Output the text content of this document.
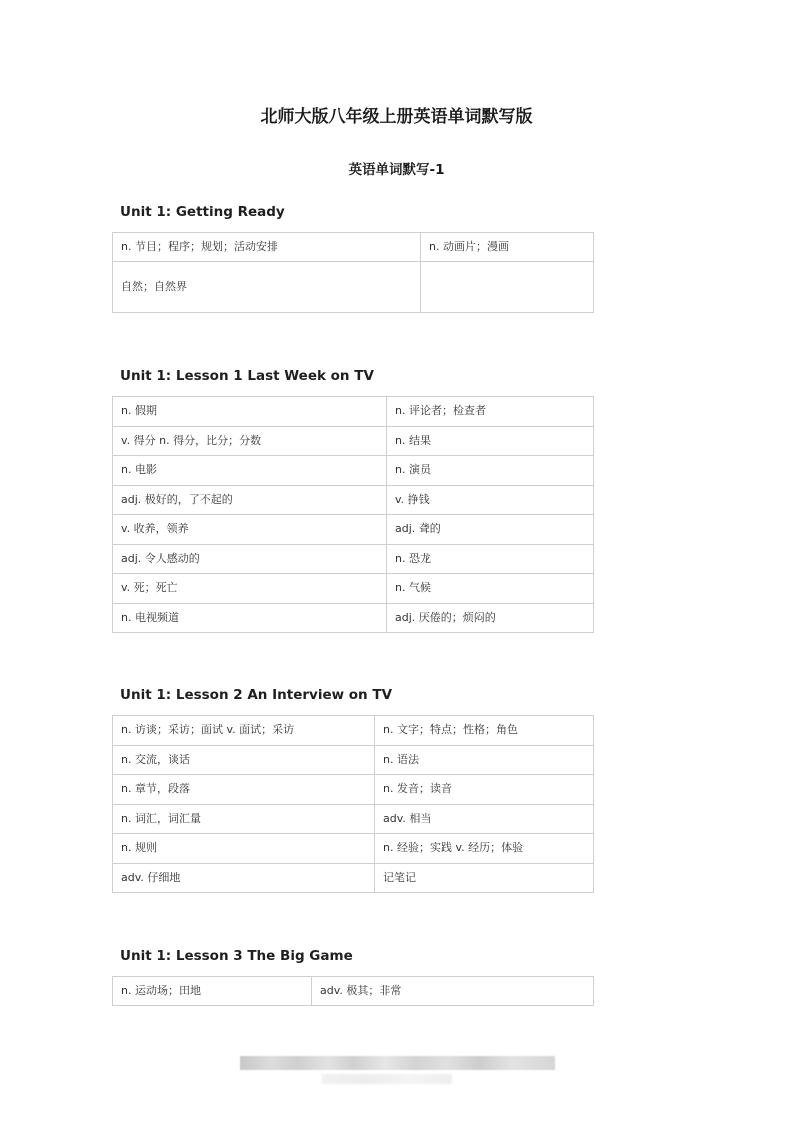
北师大版八年级上册英语单词默写版
英语单词默写-1
Unit 1: Getting Ready
n. 节目；程序；规划；活动安排	n. 动画片；漫画
自然；自然界	
Unit 1: Lesson 1 Last Week on TV
n. 假期	n. 评论者；检查者
v. 得分 n. 得分，比分；分数	n. 结果
n. 电影	n. 演员
adj. 极好的，了不起的	v. 挣钱
v. 收养，领养	adj. 聋的
adj. 令人感动的	n. 恐龙
v. 死；死亡	n. 气候
n. 电视频道	adj. 厌倦的；烦闷的
Unit 1: Lesson 2 An Interview on TV
n. 访谈；采访；面试 v. 面试；采访	n. 文字；特点；性格；角色
n. 交流，谈话	n. 语法
n. 章节，段落	n. 发音；读音
n. 词汇，词汇量	adv. 相当
n. 规则	n. 经验；实践 v. 经历；体验
adv. 仔细地	记笔记
Unit 1: Lesson 3 The Big Game
n. 运动场；田地	adv. 极其；非常
